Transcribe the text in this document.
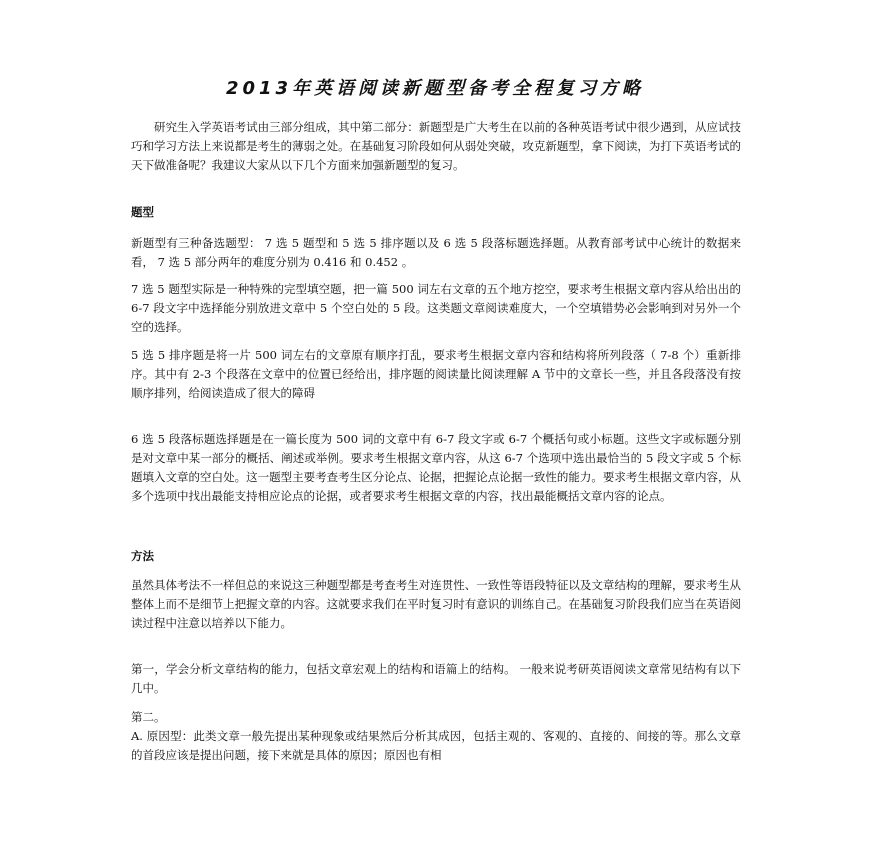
2013年英语阅读新题型备考全程复习方略

研究生入学英语考试由三部分组成，其中第二部分：新题型是广大考生在以前的各种英语考试中很少遇到，从应试技巧和学习方法上来说都是考生的薄弱之处。在基础复习阶段如何从弱处突破，攻克新题型，拿下阅读，为打下英语考试的天下做准备呢？我建议大家从以下几个方面来加强新题型的复习。

题型

新题型有三种备选题型： 7 选 5 题型和 5 选 5 排序题以及 6 选 5 段落标题选择题。从教育部考试中心统计的数据来看， 7 选 5 部分两年的难度分别为 0.416 和 0.452 。

7 选 5 题型实际是一种特殊的完型填空题，把一篇 500 词左右文章的五个地方挖空，要求考生根据文章内容从给出出的 6-7 段文字中选择能分别放进文章中 5 个空白处的 5 段。这类题文章阅读难度大，一个空填错势必会影响到对另外一个空的选择。

5 选 5 排序题是将一片 500 词左右的文章原有顺序打乱，要求考生根据文章内容和结构将所列段落（ 7-8 个）重新排序。其中有 2-3 个段落在文章中的位置已经给出，排序题的阅读量比阅读理解 A 节中的文章长一些，并且各段落没有按顺序排列，给阅读造成了很大的障碍

6 选 5 段落标题选择题是在一篇长度为 500 词的文章中有 6-7 段文字或 6-7 个概括句或小标题。这些文字或标题分别是对文章中某一部分的概括、阐述或举例。要求考生根据文章内容，从这 6-7 个选项中选出最恰当的 5 段文字或 5 个标题填入文章的空白处。这一题型主要考查考生区分论点、论据，把握论点论据一致性的能力。要求考生根据文章内容，从多个选项中找出最能支持相应论点的论据，或者要求考生根据文章的内容，找出最能概括文章内容的论点。

方法

虽然具体考法不一样但总的来说这三种题型都是考查考生对连贯性、一致性等语段特征以及文章结构的理解，要求考生从整体上而不是细节上把握文章的内容。这就要求我们在平时复习时有意识的训练自己。在基础复习阶段我们应当在英语阅读过程中注意以培养以下能力。

第一，学会分析文章结构的能力，包括文章宏观上的结构和语篇上的结构。 一般来说考研英语阅读文章常见结构有以下几中。

第二。

A. 原因型：此类文章一般先提出某种现象或结果然后分析其成因，包括主观的、客观的、直接的、间接的等。那么文章的首段应该是提出问题，接下来就是具体的原因；原因也有相
